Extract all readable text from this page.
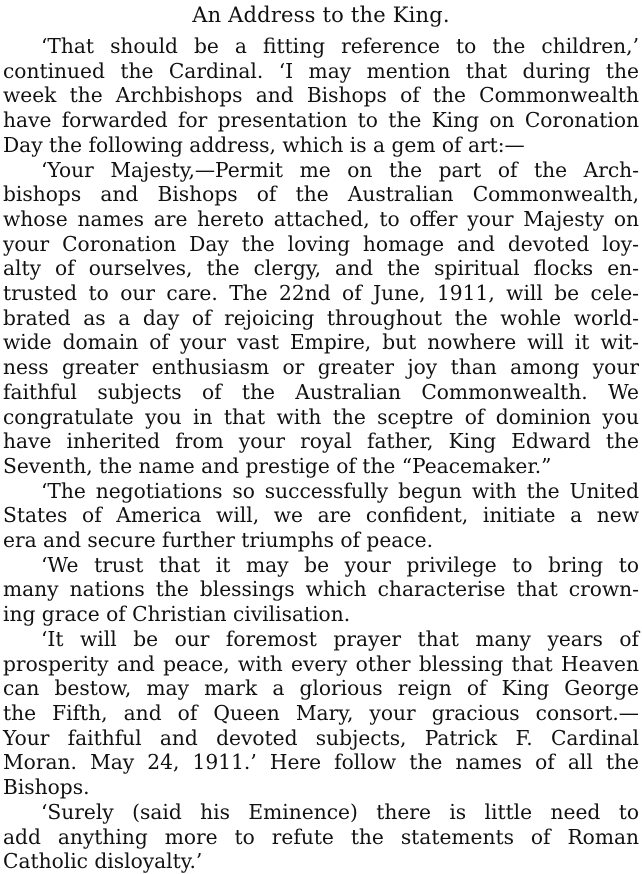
An Address to the King.
‘That should be a fitting reference to the children,’
continued the Cardinal. ‘I may mention that during the
week the Archbishops and Bishops of the Commonwealth
have forwarded for presentation to the King on Coronation
Day the following address, which is a gem of art:—
‘Your Majesty,—Permit me on the part of the Arch-
bishops and Bishops of the Australian Commonwealth,
whose names are hereto attached, to offer your Majesty on
your Coronation Day the loving homage and devoted loy-
alty of ourselves, the clergy, and the spiritual flocks en-
trusted to our care. The 22nd of June, 1911, will be cele-
brated as a day of rejoicing throughout the wohle world-
wide domain of your vast Empire, but nowhere will it wit-
ness greater enthusiasm or greater joy than among your
faithful subjects of the Australian Commonwealth. We
congratulate you in that with the sceptre of dominion you
have inherited from your royal father, King Edward the
Seventh, the name and prestige of the “Peacemaker.”
‘The negotiations so successfully begun with the United
States of America will, we are confident, initiate a new
era and secure further triumphs of peace.
‘We trust that it may be your privilege to bring to
many nations the blessings which characterise that crown-
ing grace of Christian civilisation.
‘It will be our foremost prayer that many years of
prosperity and peace, with every other blessing that Heaven
can bestow, may mark a glorious reign of King George
the Fifth, and of Queen Mary, your gracious consort.—
Your faithful and devoted subjects, Patrick F. Cardinal
Moran. May 24, 1911.’ Here follow the names of all the
Bishops.
‘Surely (said his Eminence) there is little need to
add anything more to refute the statements of Roman
Catholic disloyalty.’
